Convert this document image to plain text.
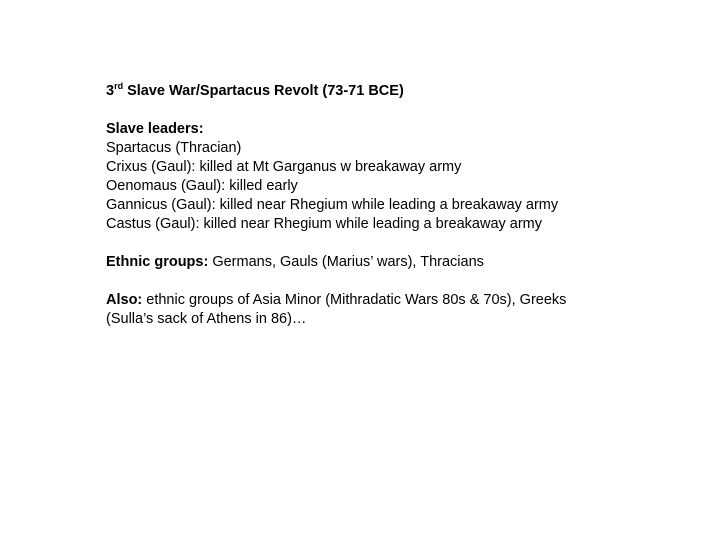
3rd Slave War/Spartacus Revolt (73-71 BCE)

Slave leaders:

Spartacus (Thracian)

Crixus (Gaul): killed at Mt Garganus w breakaway army

Oenomaus (Gaul): killed early

Gannicus (Gaul): killed near Rhegium while leading a breakaway army

Castus (Gaul): killed near Rhegium while leading a breakaway army

Ethnic groups: Germans, Gauls (Marius’ wars), Thracians

Also: ethnic groups of Asia Minor (Mithradatic Wars 80s & 70s), Greeks

(Sulla’s sack of Athens in 86)…
